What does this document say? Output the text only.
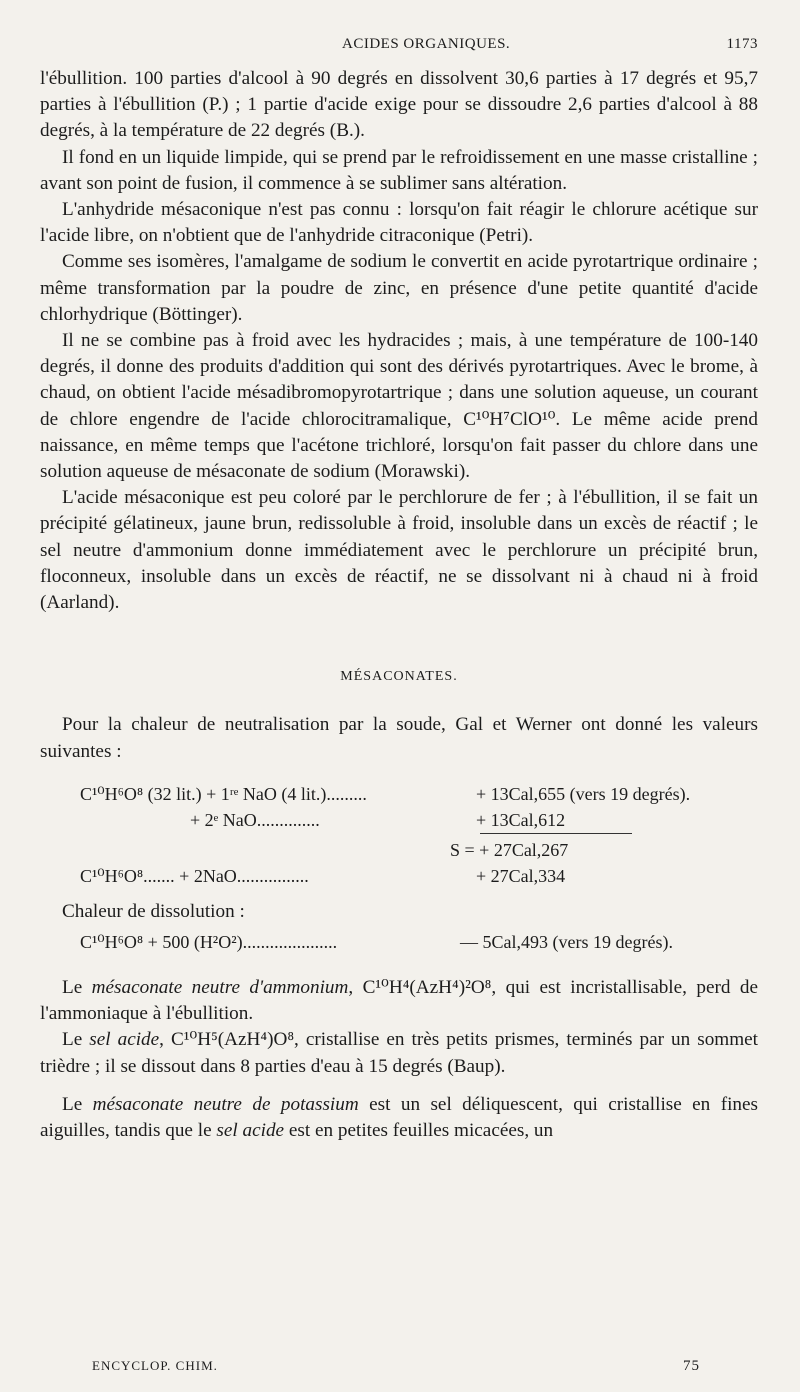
ACIDES ORGANIQUES.	1173

l'ébullition. 100 parties d'alcool à 90 degrés en dissolvent 30,6 parties à 17 degrés et 95,7 parties à l'ébullition (P.) ; 1 partie d'acide exige pour se dissoudre 2,6 parties d'alcool à 88 degrés, à la température de 22 degrés (B.).

Il fond en un liquide limpide, qui se prend par le refroidissement en une masse cristalline ; avant son point de fusion, il commence à se sublimer sans altération.

L'anhydride mésaconique n'est pas connu : lorsqu'on fait réagir le chlorure acétique sur l'acide libre, on n'obtient que de l'anhydride citraconique (Petri).

Comme ses isomères, l'amalgame de sodium le convertit en acide pyrotartrique ordinaire ; même transformation par la poudre de zinc, en présence d'une petite quantité d'acide chlorhydrique (Böttinger).

Il ne se combine pas à froid avec les hydracides ; mais, à une température de 100-140 degrés, il donne des produits d'addition qui sont des dérivés pyrotartriques. Avec le brome, à chaud, on obtient l'acide mésadibromopyrotartrique ; dans une solution aqueuse, un courant de chlore engendre de l'acide chlorocitramalique, C¹⁰H⁷ClO¹⁰. Le même acide prend naissance, en même temps que l'acétone trichloré, lorsqu'on fait passer du chlore dans une solution aqueuse de mésaconate de sodium (Morawski).

L'acide mésaconique est peu coloré par le perchlorure de fer ; à l'ébullition, il se fait un précipité gélatineux, jaune brun, redissoluble à froid, insoluble dans un excès de réactif ; le sel neutre d'ammonium donne immédiatement avec le perchlorure un précipité brun, floconneux, insoluble dans un excès de réactif, ne se dissolvant ni à chaud ni à froid (Aarland).

MÉSACONATES.

Pour la chaleur de neutralisation par la soude, Gal et Werner ont donné les valeurs suivantes :

C¹⁰H⁶O⁸ (32 lit.) + 1ʳᵉ NaO (4 lit.).........	+ 13Cal,655 (vers 19 degrés).
+ 2ᵉ NaO..............	+ 13Cal,612
S = + 27Cal,267
C¹⁰H⁶O⁸....... + 2NaO................	+ 27Cal,334

Chaleur de dissolution :

C¹⁰H⁶O⁸ + 500 (H²O²).....................	— 5Cal,493 (vers 19 degrés).

Le mésaconate neutre d'ammonium, C¹⁰H⁴(AzH⁴)²O⁸, qui est incristallisable, perd de l'ammoniaque à l'ébullition.

Le sel acide, C¹⁰H⁵(AzH⁴)O⁸, cristallise en très petits prismes, terminés par un sommet trièdre ; il se dissout dans 8 parties d'eau à 15 degrés (Baup).

Le mésaconate neutre de potassium est un sel déliquescent, qui cristallise en fines aiguilles, tandis que le sel acide est en petites feuilles micacées, un

ENCYCLOP. CHIM.	75
